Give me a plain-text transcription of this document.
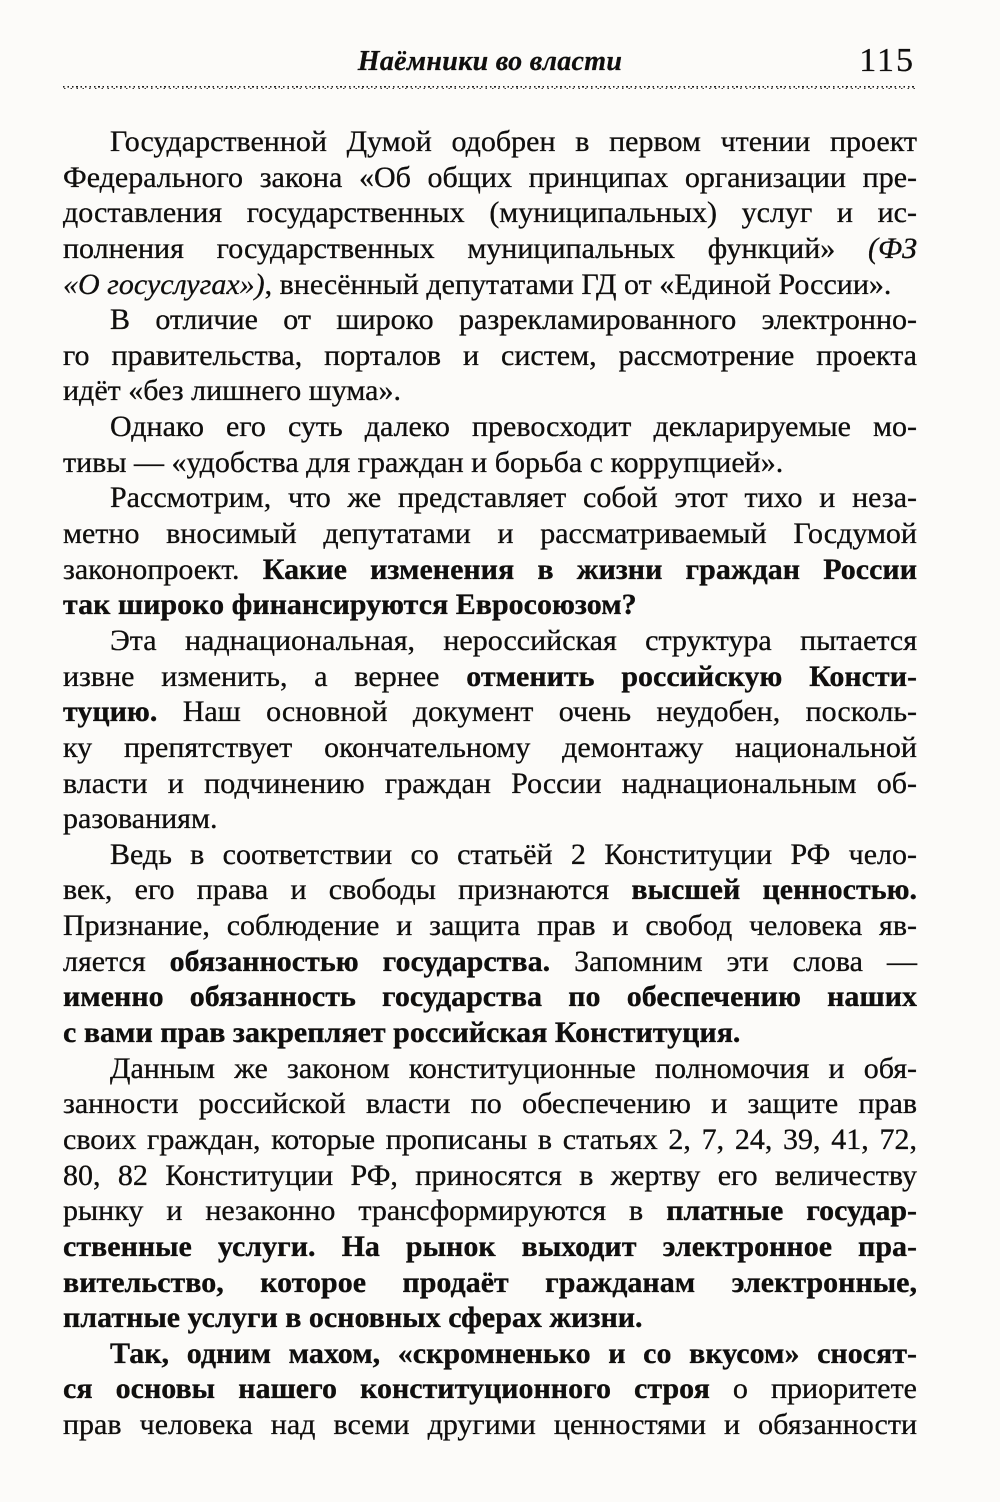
Наёмники во власти	115
Государственной Думой одобрен в первом чтении проект
Федерального закона «Об общих принципах организации пре-
доставления государственных (муниципальных) услуг и ис-
полнения государственных муниципальных функций» (ФЗ
«О госуслугах»), внесённый депутатами ГД от «Единой России».
В отличие от широко разрекламированного электронно-
го правительства, порталов и систем, рассмотрение проекта
идёт «без лишнего шума».
Однако его суть далеко превосходит декларируемые мо-
тивы — «удобства для граждан и борьба с коррупцией».
Рассмотрим, что же представляет собой этот тихо и неза-
метно вносимый депутатами и рассматриваемый Госдумой
законопроект. Какие изменения в жизни граждан России
так широко финансируются Евросоюзом?
Эта наднациональная, нероссийская структура пытается
извне изменить, а вернее отменить российскую Консти-
туцию. Наш основной документ очень неудобен, посколь-
ку препятствует окончательному демонтажу национальной
власти и подчинению граждан России наднациональным об-
разованиям.
Ведь в соответствии со статьёй 2 Конституции РФ чело-
век, его права и свободы признаются высшей ценностью.
Признание, соблюдение и защита прав и свобод человека яв-
ляется обязанностью государства. Запомним эти слова —
именно обязанность государства по обеспечению наших
с вами прав закрепляет российская Конституция.
Данным же законом конституционные полномочия и обя-
занности российской власти по обеспечению и защите прав
своих граждан, которые прописаны в статьях 2, 7, 24, 39, 41, 72,
80, 82 Конституции РФ, приносятся в жертву его величеству
рынку и незаконно трансформируются в платные государ-
ственные услуги. На рынок выходит электронное пра-
вительство, которое продаёт гражданам электронные,
платные услуги в основных сферах жизни.
Так, одним махом, «скромненько и со вкусом» сносят-
ся основы нашего конституционного строя о приоритете
прав человека над всеми другими ценностями и обязанности
